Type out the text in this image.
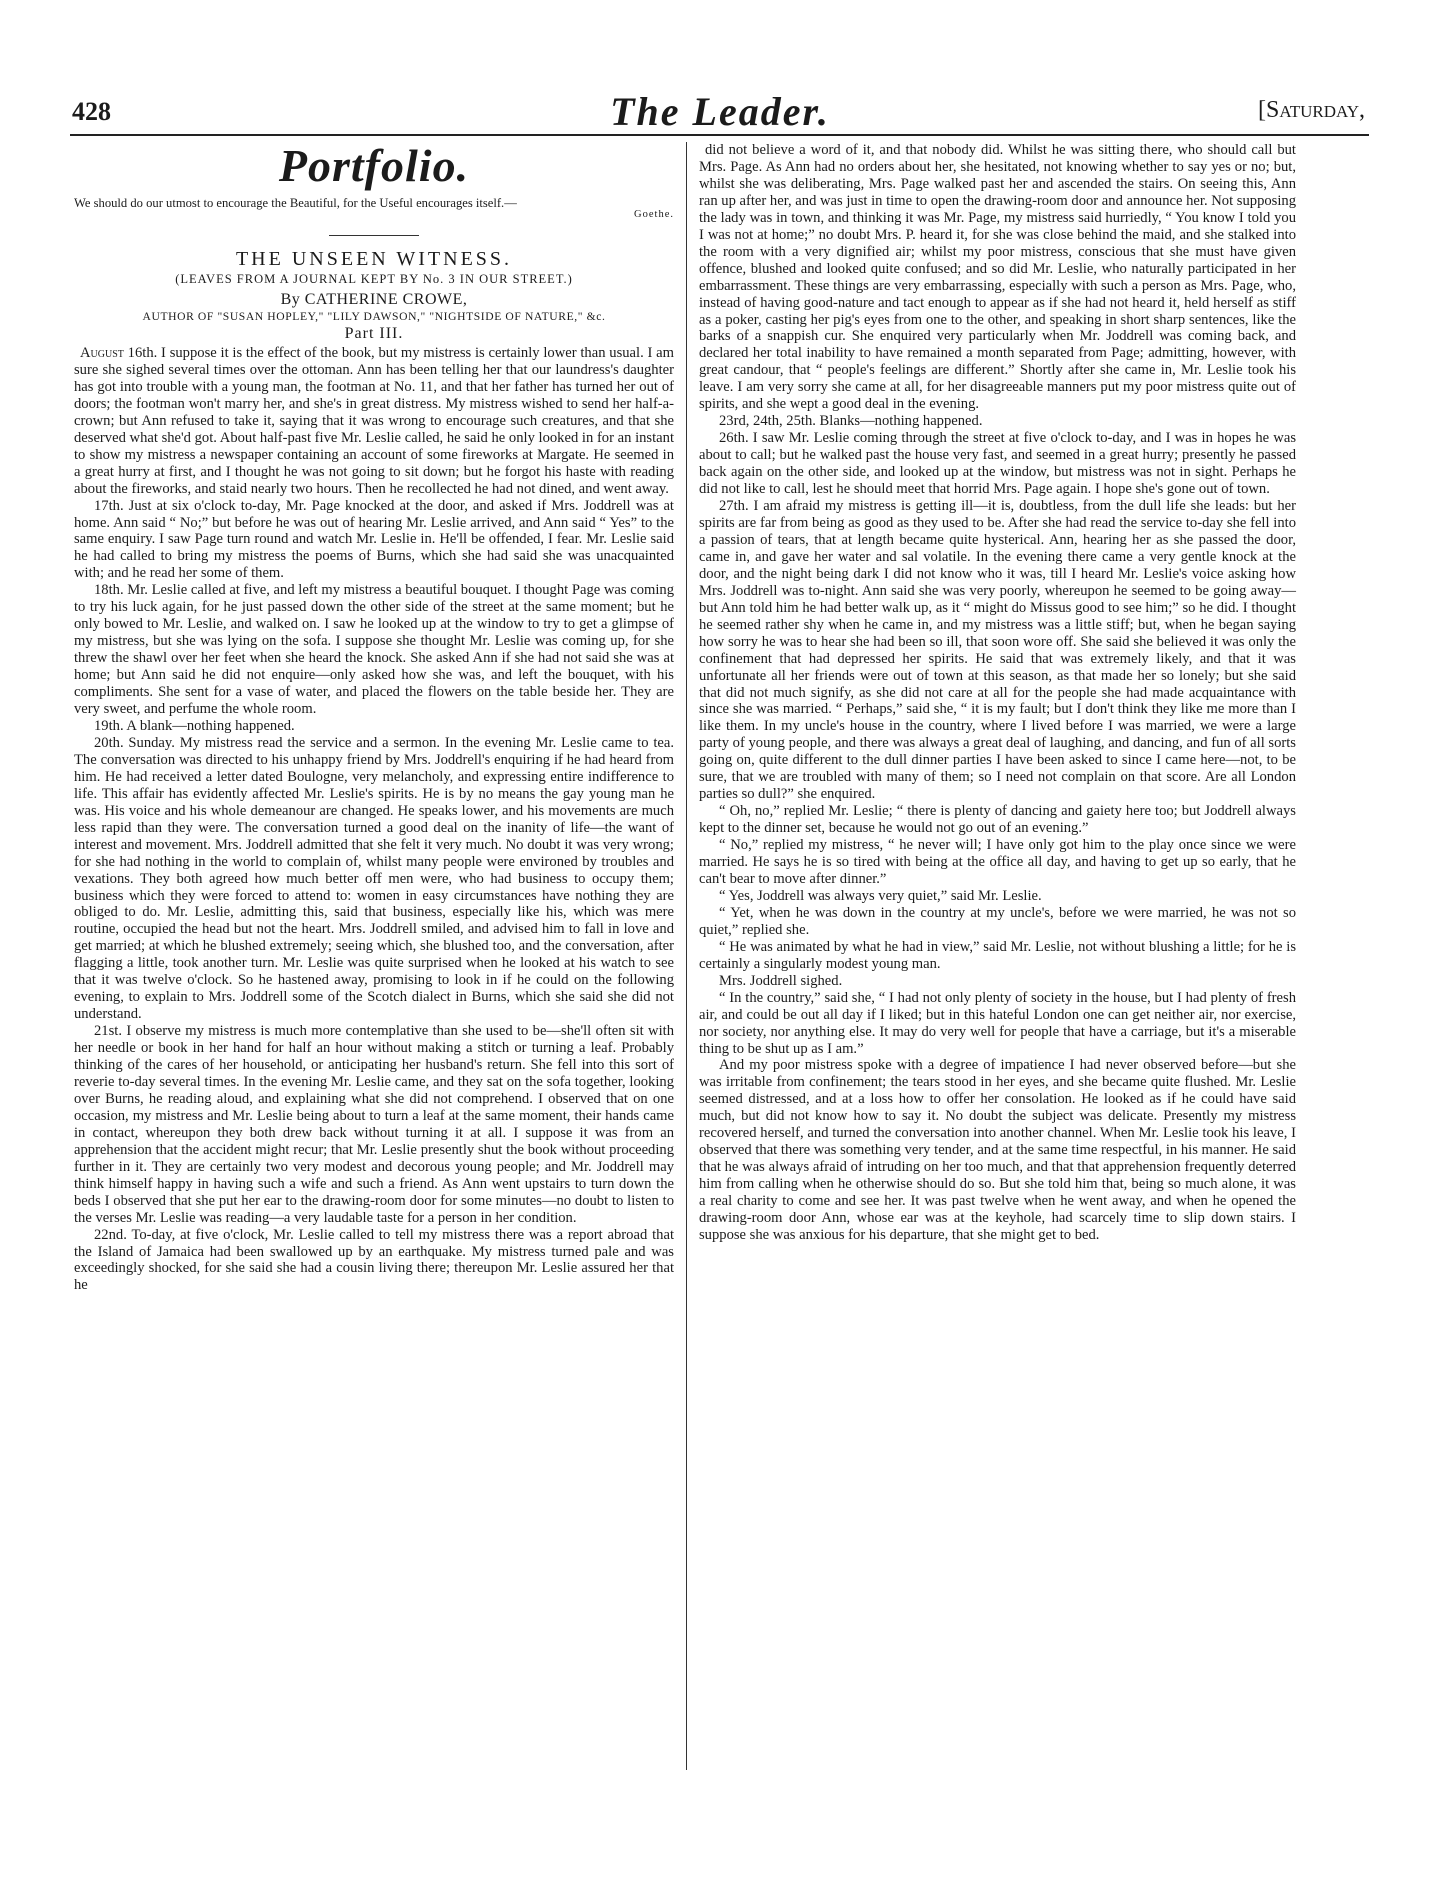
428	The Leader.	[Saturday,
Portfolio.

We should do our utmost to encourage the Beautiful, for the Useful encourages itself.—

Goethe.

THE UNSEEN WITNESS.

(LEAVES FROM A JOURNAL KEPT BY No. 3 IN OUR STREET.)

By CATHERINE CROWE,

AUTHOR OF "SUSAN HOPLEY," "LILY DAWSON," "NIGHTSIDE OF NATURE," &c.

Part III.

August 16th. I suppose it is the effect of the book, but my mistress is certainly lower than usual. I am sure she sighed several times over the ottoman. Ann has been telling her that our laundress's daughter has got into trouble with a young man, the footman at No. 11, and that her father has turned her out of doors; the footman won't marry her, and she's in great distress. My mistress wished to send her half-a-crown; but Ann refused to take it, saying that it was wrong to encourage such creatures, and that she deserved what she'd got. About half-past five Mr. Leslie called, he said he only looked in for an instant to show my mistress a newspaper containing an account of some fireworks at Margate. He seemed in a great hurry at first, and I thought he was not going to sit down; but he forgot his haste with reading about the fireworks, and staid nearly two hours. Then he recollected he had not dined, and went away.

17th. Just at six o'clock to-day, Mr. Page knocked at the door, and asked if Mrs. Joddrell was at home. Ann said “ No;” but before he was out of hearing Mr. Leslie arrived, and Ann said “ Yes” to the same enquiry. I saw Page turn round and watch Mr. Leslie in. He'll be offended, I fear. Mr. Leslie said he had called to bring my mistress the poems of Burns, which she had said she was unacquainted with; and he read her some of them.

18th. Mr. Leslie called at five, and left my mistress a beautiful bouquet. I thought Page was coming to try his luck again, for he just passed down the other side of the street at the same moment; but he only bowed to Mr. Leslie, and walked on. I saw he looked up at the window to try to get a glimpse of my mistress, but she was lying on the sofa. I suppose she thought Mr. Leslie was coming up, for she threw the shawl over her feet when she heard the knock. She asked Ann if she had not said she was at home; but Ann said he did not enquire—only asked how she was, and left the bouquet, with his compliments. She sent for a vase of water, and placed the flowers on the table beside her. They are very sweet, and perfume the whole room.

19th. A blank—nothing happened.

20th. Sunday. My mistress read the service and a sermon. In the evening Mr. Leslie came to tea. The conversation was directed to his unhappy friend by Mrs. Joddrell's enquiring if he had heard from him. He had received a letter dated Boulogne, very melancholy, and expressing entire indifference to life. This affair has evidently affected Mr. Leslie's spirits. He is by no means the gay young man he was. His voice and his whole demeanour are changed. He speaks lower, and his movements are much less rapid than they were. The conversation turned a good deal on the inanity of life—the want of interest and movement. Mrs. Joddrell admitted that she felt it very much. No doubt it was very wrong; for she had nothing in the world to complain of, whilst many people were environed by troubles and vexations. They both agreed how much better off men were, who had business to occupy them; business which they were forced to attend to: women in easy circumstances have nothing they are obliged to do. Mr. Leslie, admitting this, said that business, especially like his, which was mere routine, occupied the head but not the heart. Mrs. Joddrell smiled, and advised him to fall in love and get married; at which he blushed extremely; seeing which, she blushed too, and the conversation, after flagging a little, took another turn. Mr. Leslie was quite surprised when he looked at his watch to see that it was twelve o'clock. So he hastened away, promising to look in if he could on the following evening, to explain to Mrs. Joddrell some of the Scotch dialect in Burns, which she said she did not understand.

21st. I observe my mistress is much more contemplative than she used to be—she'll often sit with her needle or book in her hand for half an hour without making a stitch or turning a leaf. Probably thinking of the cares of her household, or anticipating her husband's return. She fell into this sort of reverie to-day several times. In the evening Mr. Leslie came, and they sat on the sofa together, looking over Burns, he reading aloud, and explaining what she did not comprehend. I observed that on one occasion, my mistress and Mr. Leslie being about to turn a leaf at the same moment, their hands came in contact, whereupon they both drew back without turning it at all. I suppose it was from an apprehension that the accident might recur; that Mr. Leslie presently shut the book without proceeding further in it. They are certainly two very modest and decorous young people; and Mr. Joddrell may think himself happy in having such a wife and such a friend. As Ann went upstairs to turn down the beds I observed that she put her ear to the drawing-room door for some minutes—no doubt to listen to the verses Mr. Leslie was reading—a very laudable taste for a person in her condition.

22nd. To-day, at five o'clock, Mr. Leslie called to tell my mistress there was a report abroad that the Island of Jamaica had been swallowed up by an earthquake. My mistress turned pale and was exceedingly shocked, for she said she had a cousin living there; thereupon Mr. Leslie assured her that he

did not believe a word of it, and that nobody did. Whilst he was sitting there, who should call but Mrs. Page. As Ann had no orders about her, she hesitated, not knowing whether to say yes or no; but, whilst she was deliberating, Mrs. Page walked past her and ascended the stairs. On seeing this, Ann ran up after her, and was just in time to open the drawing-room door and announce her. Not supposing the lady was in town, and thinking it was Mr. Page, my mistress said hurriedly, “ You know I told you I was not at home;” no doubt Mrs. P. heard it, for she was close behind the maid, and she stalked into the room with a very dignified air; whilst my poor mistress, conscious that she must have given offence, blushed and looked quite confused; and so did Mr. Leslie, who naturally participated in her embarrassment. These things are very embarrassing, especially with such a person as Mrs. Page, who, instead of having good-nature and tact enough to appear as if she had not heard it, held herself as stiff as a poker, casting her pig's eyes from one to the other, and speaking in short sharp sentences, like the barks of a snappish cur. She enquired very particularly when Mr. Joddrell was coming back, and declared her total inability to have remained a month separated from Page; admitting, however, with great candour, that “ people's feelings are different.” Shortly after she came in, Mr. Leslie took his leave. I am very sorry she came at all, for her disagreeable manners put my poor mistress quite out of spirits, and she wept a good deal in the evening.

23rd, 24th, 25th. Blanks—nothing happened.

26th. I saw Mr. Leslie coming through the street at five o'clock to-day, and I was in hopes he was about to call; but he walked past the house very fast, and seemed in a great hurry; presently he passed back again on the other side, and looked up at the window, but mistress was not in sight. Perhaps he did not like to call, lest he should meet that horrid Mrs. Page again. I hope she's gone out of town.

27th. I am afraid my mistress is getting ill—it is, doubtless, from the dull life she leads: but her spirits are far from being as good as they used to be. After she had read the service to-day she fell into a passion of tears, that at length became quite hysterical. Ann, hearing her as she passed the door, came in, and gave her water and sal volatile. In the evening there came a very gentle knock at the door, and the night being dark I did not know who it was, till I heard Mr. Leslie's voice asking how Mrs. Joddrell was to-night. Ann said she was very poorly, whereupon he seemed to be going away—but Ann told him he had better walk up, as it “ might do Missus good to see him;” so he did. I thought he seemed rather shy when he came in, and my mistress was a little stiff; but, when he began saying how sorry he was to hear she had been so ill, that soon wore off. She said she believed it was only the confinement that had depressed her spirits. He said that was extremely likely, and that it was unfortunate all her friends were out of town at this season, as that made her so lonely; but she said that did not much signify, as she did not care at all for the people she had made acquaintance with since she was married. “ Perhaps,” said she, “ it is my fault; but I don't think they like me more than I like them. In my uncle's house in the country, where I lived before I was married, we were a large party of young people, and there was always a great deal of laughing, and dancing, and fun of all sorts going on, quite different to the dull dinner parties I have been asked to since I came here—not, to be sure, that we are troubled with many of them; so I need not complain on that score. Are all London parties so dull?” she enquired.

“ Oh, no,” replied Mr. Leslie; “ there is plenty of dancing and gaiety here too; but Joddrell always kept to the dinner set, because he would not go out of an evening.”

“ No,” replied my mistress, “ he never will; I have only got him to the play once since we were married. He says he is so tired with being at the office all day, and having to get up so early, that he can't bear to move after dinner.”

“ Yes, Joddrell was always very quiet,” said Mr. Leslie.

“ Yet, when he was down in the country at my uncle's, before we were married, he was not so quiet,” replied she.

“ He was animated by what he had in view,” said Mr. Leslie, not without blushing a little; for he is certainly a singularly modest young man.

Mrs. Joddrell sighed.

“ In the country,” said she, “ I had not only plenty of society in the house, but I had plenty of fresh air, and could be out all day if I liked; but in this hateful London one can get neither air, nor exercise, nor society, nor anything else. It may do very well for people that have a carriage, but it's a miserable thing to be shut up as I am.”

And my poor mistress spoke with a degree of impatience I had never observed before—but she was irritable from confinement; the tears stood in her eyes, and she became quite flushed. Mr. Leslie seemed distressed, and at a loss how to offer her consolation. He looked as if he could have said much, but did not know how to say it. No doubt the subject was delicate. Presently my mistress recovered herself, and turned the conversation into another channel. When Mr. Leslie took his leave, I observed that there was something very tender, and at the same time respectful, in his manner. He said that he was always afraid of intruding on her too much, and that that apprehension frequently deterred him from calling when he otherwise should do so. But she told him that, being so much alone, it was a real charity to come and see her. It was past twelve when he went away, and when he opened the drawing-room door Ann, whose ear was at the keyhole, had scarcely time to slip down stairs. I suppose she was anxious for his departure, that she might get to bed.
